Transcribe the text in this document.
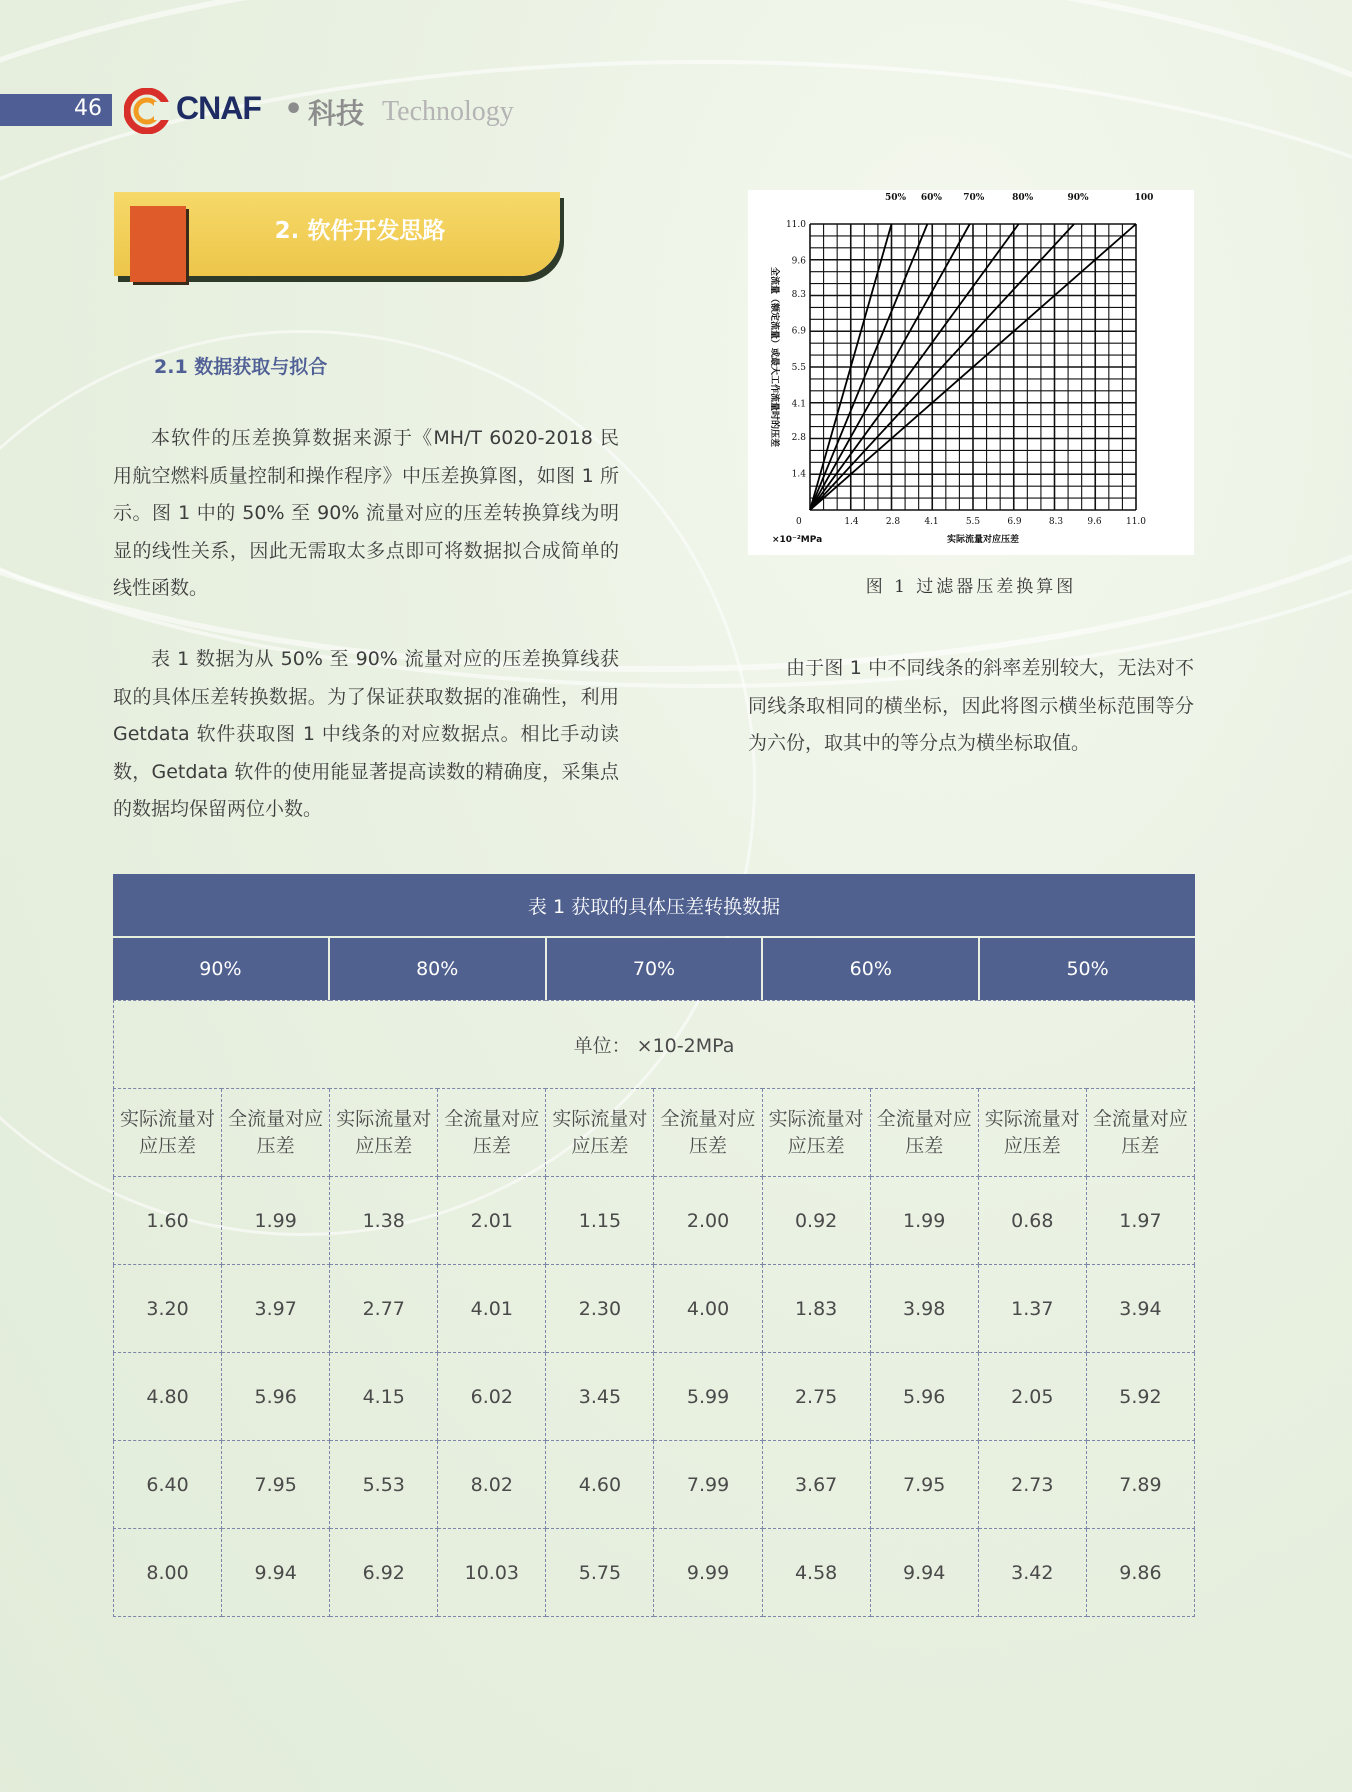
46 CNAF • 科技 Technology
2. 软件开发思路
2.1 数据获取与拟合
本软件的压差换算数据来源于《MH/T 6020-2018 民用航空燃料质量控制和操作程序》中压差换算图，如图 1 所示。图 1 中的 50% 至 90% 流量对应的压差转换算线为明显的线性关系，因此无需取太多点即可将数据拟合成简单的线性函数。
表 1 数据为从 50% 至 90% 流量对应的压差换算线获取的具体压差转换数据。为了保证获取数据的准确性，利用 Getdata 软件获取图 1 中线条的对应数据点。相比手动读数，Getdata 软件的使用能显著提高读数的精确度，采集点的数据均保留两位小数。
由于图 1 中不同线条的斜率差别较大，无法对不同线条取相同的横坐标，因此将图示横坐标范围等分为六份，取其中的等分点为横坐标取值。
1.4
1.4
2.8
2.8
4.1
4.1
5.5
5.5
6.9
6.9
8.3
8.3
9.6
9.6
11.0
11.0
0
50% 60% 70%	80%	90%	100
实际流量对应压差
×10⁻²MPa
全流量（额定流量）或最大工作流量时的压差
图 1 过滤器压差换算图
表 1 获取的具体压差转换数据
90%	80%	70%	60%	50%
单位： ×10-2MPa									
实际流量对应压差	全流量对应压差	实际流量对应压差	全流量对应压差	实际流量对应压差	全流量对应压差	实际流量对应压差	全流量对应压差	实际流量对应压差	全流量对应压差
1.60	1.99	1.38	2.01	1.15	2.00	0.92	1.99	0.68	1.97
3.20	3.97	2.77	4.01	2.30	4.00	1.83	3.98	1.37	3.94
4.80	5.96	4.15	6.02	3.45	5.99	2.75	5.96	2.05	5.92
6.40	7.95	5.53	8.02	4.60	7.99	3.67	7.95	2.73	7.89
8.00	9.94	6.92	10.03	5.75	9.99	4.58	9.94	3.42	9.86
